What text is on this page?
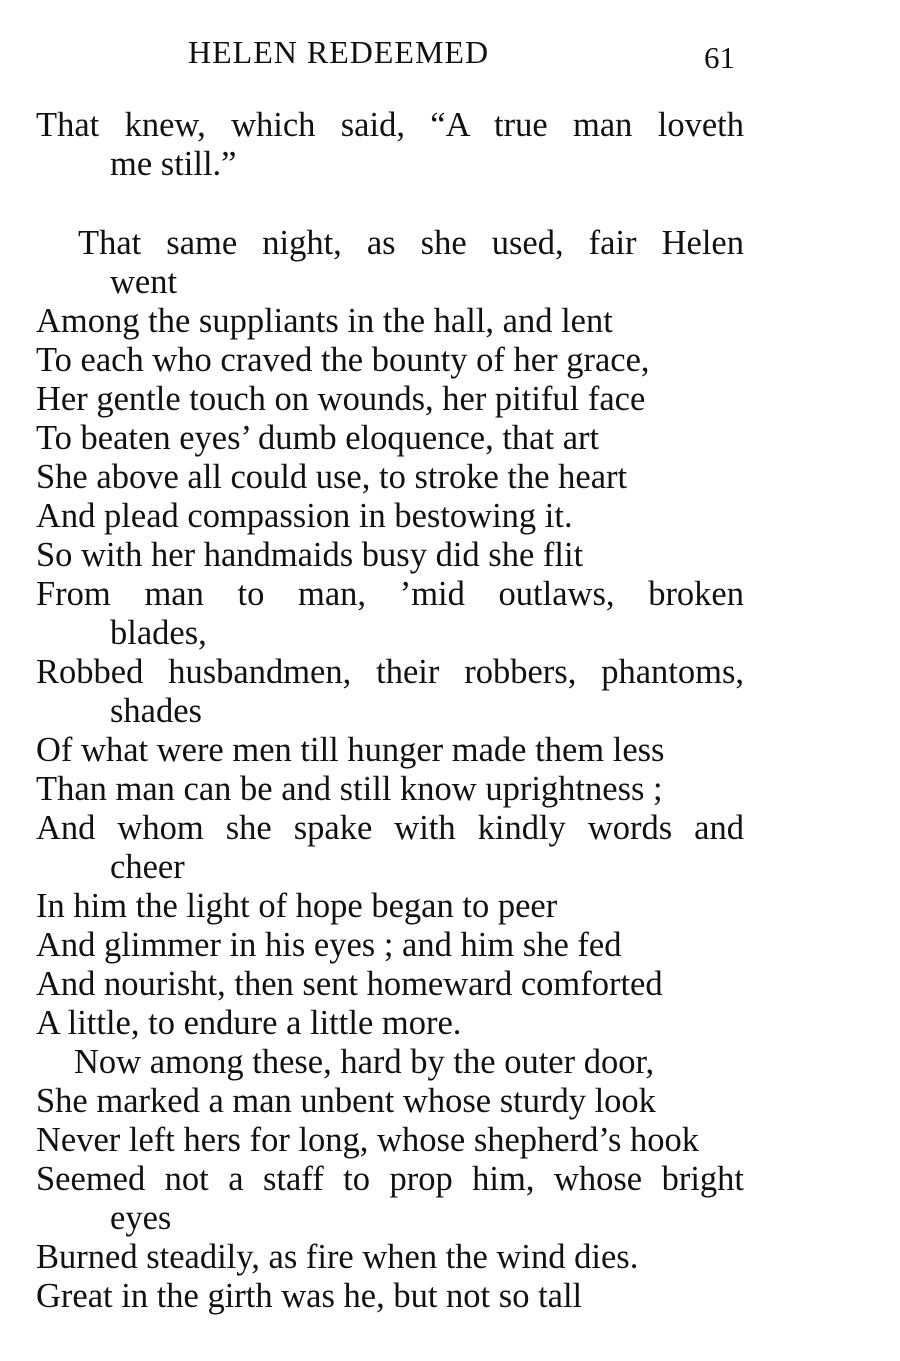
HELEN REDEEMED	61
That knew, which said, “A true man loveth
me still.”
That same night, as she used, fair Helen
went
Among the suppliants in the hall, and lent
To each who craved the bounty of her grace,
Her gentle touch on wounds, her pitiful face
To beaten eyes’ dumb eloquence, that art
She above all could use, to stroke the heart
And plead compassion in bestowing it.
So with her handmaids busy did she flit
From man to man, ’mid outlaws, broken
blades,
Robbed husbandmen, their robbers, phantoms,
shades
Of what were men till hunger made them less
Than man can be and still know uprightness ;
And whom she spake with kindly words and
cheer
In him the light of hope began to peer
And glimmer in his eyes ; and him she fed
And nourisht, then sent homeward comforted
A little, to endure a little more.
Now among these, hard by the outer door,
She marked a man unbent whose sturdy look
Never left hers for long, whose shepherd’s hook
Seemed not a staff to prop him, whose bright
eyes
Burned steadily, as fire when the wind dies.
Great in the girth was he, but not so tall
